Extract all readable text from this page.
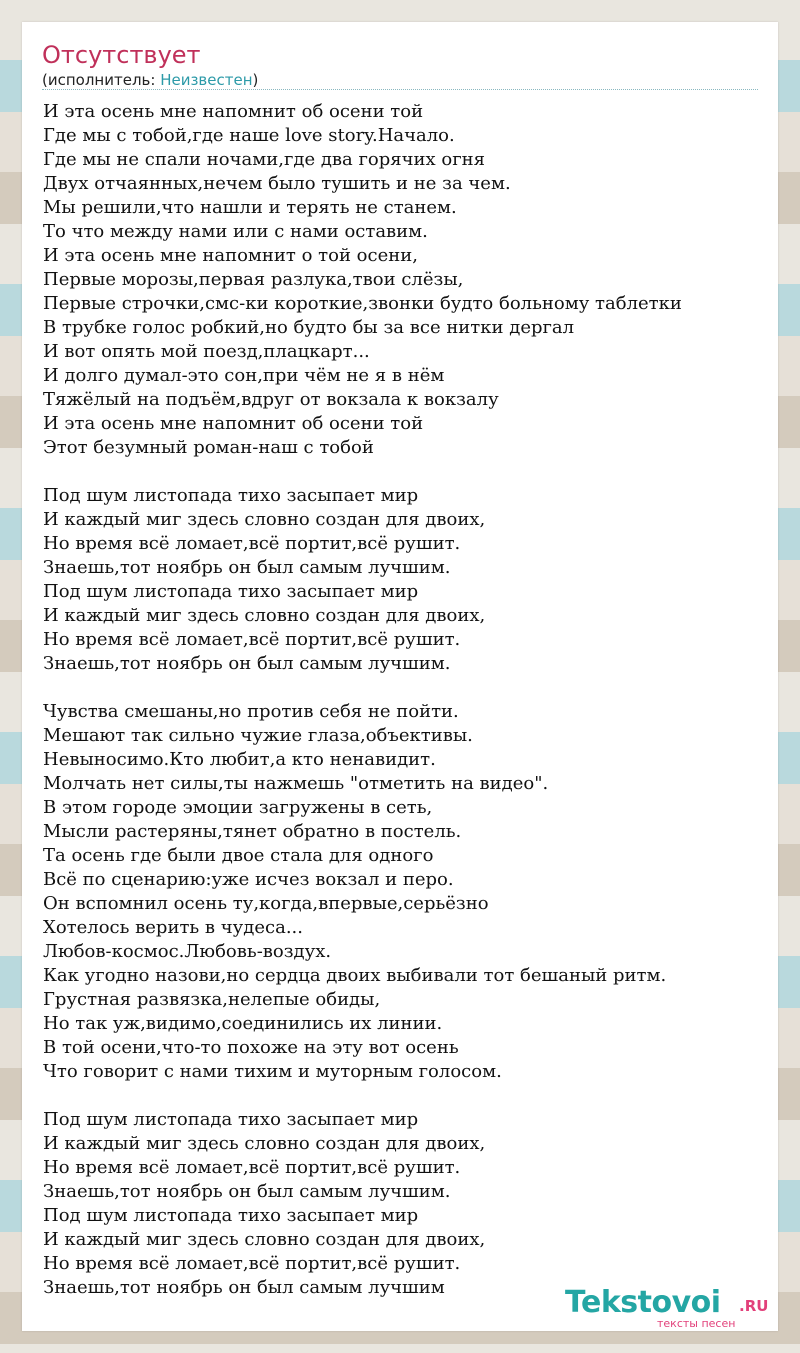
Отсутствует
(исполнитель: Неизвестен)
И эта осень мне напомнит об осени той
Где мы с тобой,где наше love story.Начало.
Где мы не спали ночами,где два горячих огня
Двух отчаянных,нечем было тушить и не за чем.
Мы решили,что нашли и терять не станем.
То что между нами или с нами оставим.
И эта осень мне напомнит о той осени,
Первые морозы,первая разлука,твои слёзы,
Первые строчки,смс-ки короткие,звонки будто больному таблетки
В трубке голос робкий,но будто бы за все нитки дергал
И вот опять мой поезд,плацкарт...
И долго думал-это сон,при чём не я в нём
Тяжёлый на подъём,вдруг от вокзала к вокзалу
И эта осень мне напомнит об осени той
Этот безумный роман-наш с тобой
Под шум листопада тихо засыпает мир
И каждый миг здесь словно создан для двоих,
Но время всё ломает,всё портит,всё рушит.
Знаешь,тот ноябрь он был самым лучшим.
Под шум листопада тихо засыпает мир
И каждый миг здесь словно создан для двоих,
Но время всё ломает,всё портит,всё рушит.
Знаешь,тот ноябрь он был самым лучшим.
Чувства смешаны,но против себя не пойти.
Мешают так сильно чужие глаза,объективы.
Невыносимо.Кто любит,а кто ненавидит.
Молчать нет силы,ты нажмешь "отметить на видео".
В этом городе эмоции загружены в сеть,
Мысли растеряны,тянет обратно в постель.
Та осень где были двое стала для одного
Всё по сценарию:уже исчез вокзал и перо.
Он вспомнил осень ту,когда,впервые,серьёзно
Хотелось верить в чудеса...
Любов-космос.Любовь-воздух.
Как угодно назови,но сердца двоих выбивали тот бешаный ритм.
Грустная развязка,нелепые обиды,
Но так уж,видимо,соединились их линии.
В той осени,что-то похоже на эту вот осень
Что говорит с нами тихим и муторным голосом.
Под шум листопада тихо засыпает мир
И каждый миг здесь словно создан для двоих,
Но время всё ломает,всё портит,всё рушит.
Знаешь,тот ноябрь он был самым лучшим.
Под шум листопада тихо засыпает мир
И каждый миг здесь словно создан для двоих,
Но время всё ломает,всё портит,всё рушит.
Знаешь,тот ноябрь он был самым лучшим	Tekstovoi .RU
тексты песен
